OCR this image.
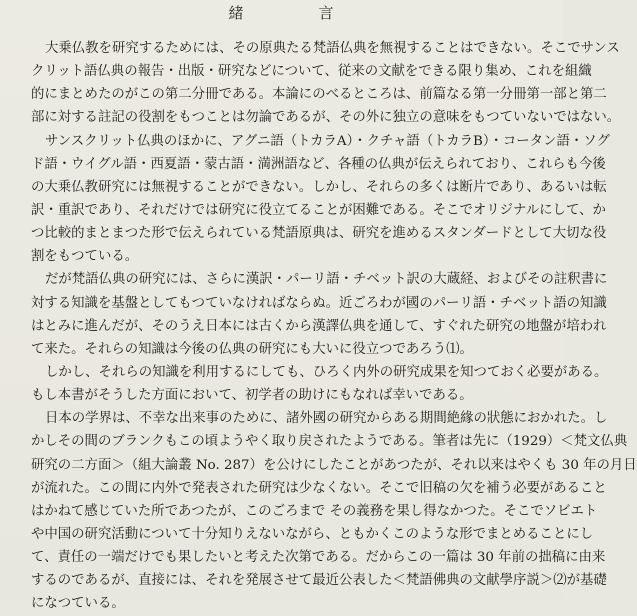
緒　言
大乗仏教を研究するためには、その原典たる梵語仏典を無視することはできない。そこでサンス
クリット語仏典の報告・出版・研究などについて、従来の文献をできる限り集め、これを組織
的にまとめたのがこの第二分冊である。本論にのべるところは、前篇なる第一分冊第一部と第二
部に対する註記の役割をもつことは勿論であるが、その外に独立の意味をもつていないではない。
サンスクリット仏典のほかに、アグニ語（トカラA）・クチャ語（トカラB）・コータン語・ソグ
ド語・ウイグル語・西夏語・蒙古語・満洲語など、各種の仏典が伝えられており、これらも今後
の大乗仏教研究には無視することができない。しかし、それらの多くは断片であり、あるいは転
訳・重訳であり、それだけでは研究に役立てることが困難である。そこでオリジナルにして、か
つ比較的まとまつた形で伝えられている梵語原典は、研究を進めるスタンダードとして大切な役
割をもつている。
だが梵語仏典の研究には、さらに漢訳・パーリ語・チベット訳の大蔵経、およびその註釈書に
対する知識を基盤としてもつていなければならぬ。近ごろわが國のパーリ語・チベット語の知識
はとみに進んだが、そのうえ日本には古くから漢譯仏典を通して、すぐれた研究の地盤が培われ
て来た。それらの知識は今後の仏典の研究にも大いに役立つであろう⑴。
しかし、それらの知識を利用するにしても、ひろく内外の研究成果を知つておく必要がある。
もし本書がそうした方面において、初学者の助けにもなれば幸いである。
日本の学界は、不幸な出来事のために、諸外國の研究からある期間絶緣の狀態におかれた。し
かしその間のブランクもこの頃ようやく取り戻されたようである。筆者は先に（1929）＜梵文仏典
研究の二方面＞（組大論叢 No. 287）を公けにしたことがあつたが、それ以来はやくも 30 年の月日
が流れた。この間に内外で発表された研究は少なくない。そこで旧稿の欠を補う必要があること
はかねて感じていた所であつたが、このごろまで その義務を果し得なかつた。そこでソビエト
や中国の研究活動について十分知りえないながら、ともかくこのような形でまとめることにし
て、責任の一端だけでも果したいと考えた次第である。だからこの一篇は 30 年前の拙稿に由来
するのであるが、直接には、それを発展させて最近公表した＜梵語佛典の文献學序説＞⑵が基礎
になつている。
